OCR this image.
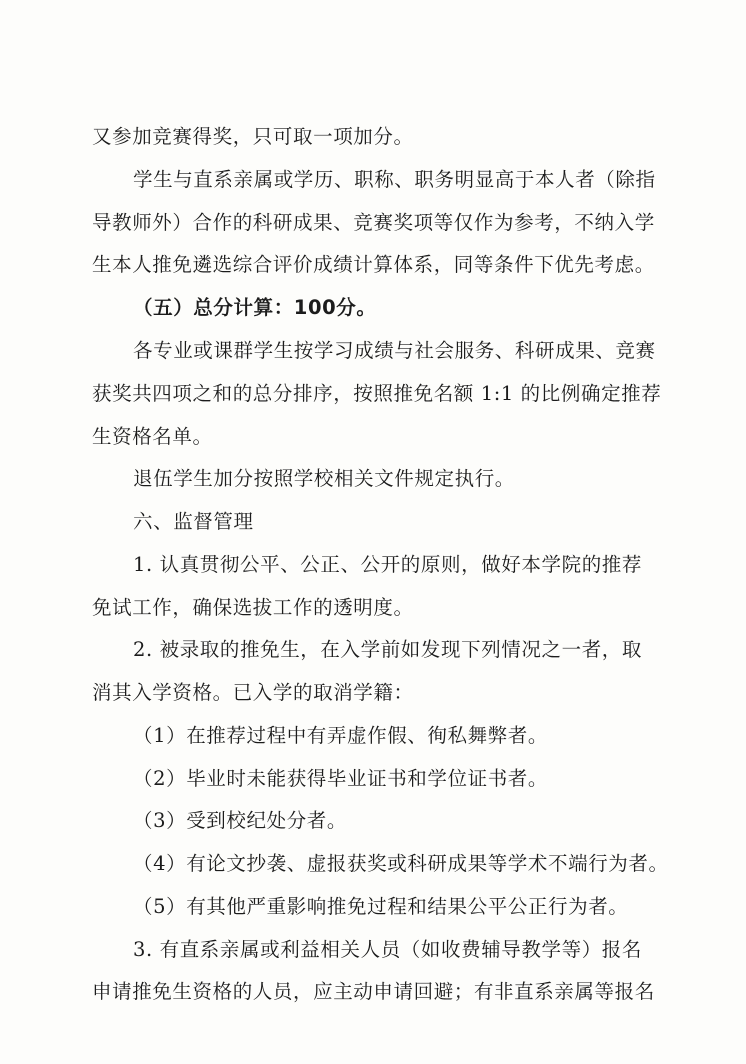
又参加竞赛得奖，只可取一项加分。
学生与直系亲属或学历、职称、职务明显高于本人者（除指
导教师外）合作的科研成果、竞赛奖项等仅作为参考，不纳入学
生本人推免遴选综合评价成绩计算体系，同等条件下优先考虑。
（五）总分计算：100分。
各专业或课群学生按学习成绩与社会服务、科研成果、竞赛
获奖共四项之和的总分排序，按照推免名额 1:1 的比例确定推荐
生资格名单。
退伍学生加分按照学校相关文件规定执行。
六、监督管理
1. 认真贯彻公平、公正、公开的原则，做好本学院的推荐
免试工作，确保选拔工作的透明度。
2. 被录取的推免生，在入学前如发现下列情况之一者，取
消其入学资格。已入学的取消学籍：
（1）在推荐过程中有弄虚作假、徇私舞弊者。
（2）毕业时未能获得毕业证书和学位证书者。
（3）受到校纪处分者。
（4）有论文抄袭、虚报获奖或科研成果等学术不端行为者。
（5）有其他严重影响推免过程和结果公平公正行为者。
3. 有直系亲属或利益相关人员（如收费辅导教学等）报名
申请推免生资格的人员，应主动申请回避；有非直系亲属等报名
